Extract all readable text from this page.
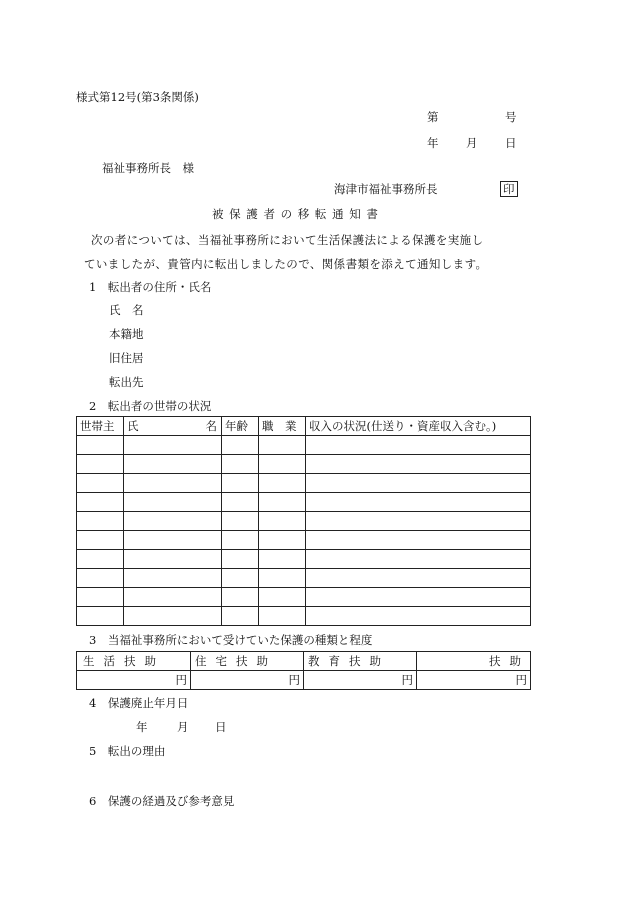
様式第12号(第3条関係)
第	号
年 月 日
福祉事務所長　様
海津市福祉事務所長	印
被 保 護 者 の 移 転 通 知 書
次の者については、当福祉事務所において生活保護法による保護を実施し
ていましたが、貴管内に転出しましたので、関係書類を添えて通知します。
1　転出者の住所・氏名
氏　名
本籍地
旧住居
転出先
2　転出者の世帯の状況
世帯主	氏 名	年齢	職　業	収入の状況(仕送り・資産収入含む。)

3　当福祉事務所において受けていた保護の種類と程度
生活扶助	住宅扶助	教育扶助	扶助
円	円	円	円
4　保護廃止年月日
年	月 日
5　転出の理由
6　保護の経過及び参考意見
